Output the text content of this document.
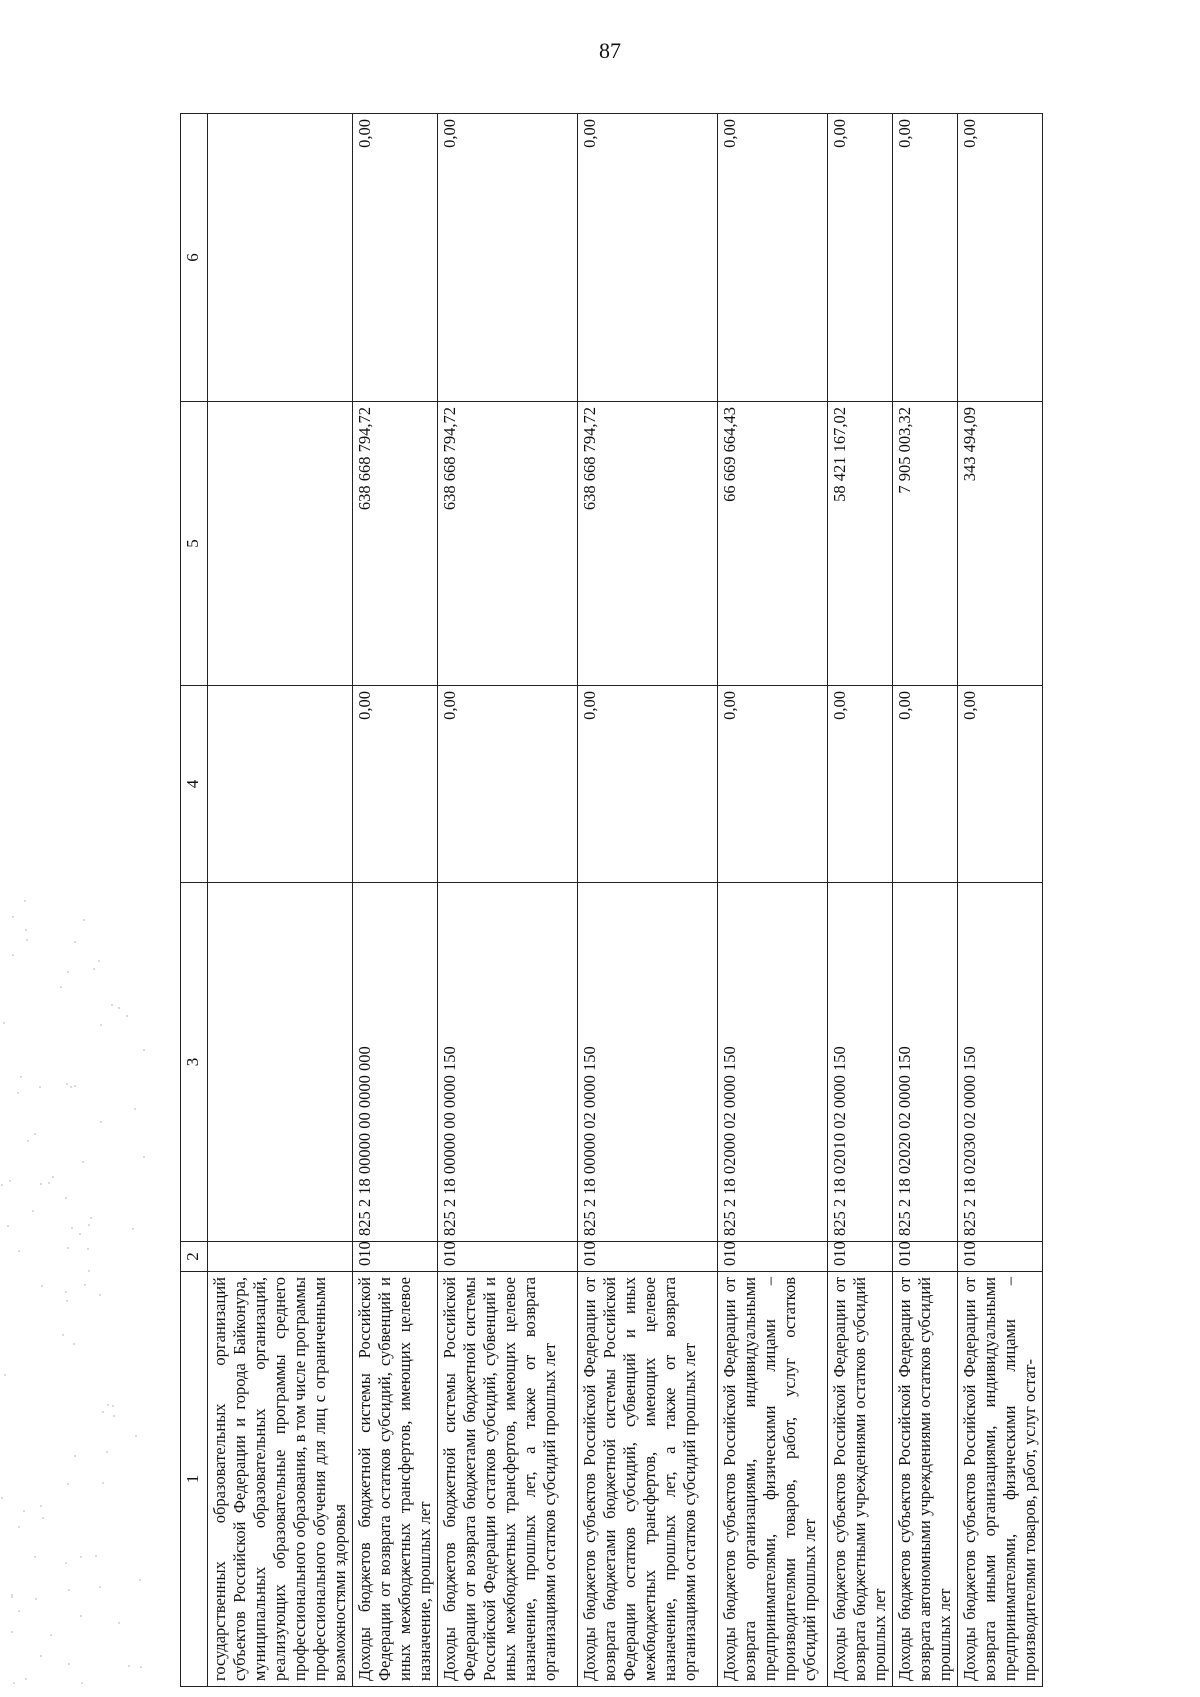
87
1	2	3	4	5	6
государственных образовательных организаций субъектов Российской Федерации и города Байконура, муниципальных образовательных организаций, реализующих образовательные программы среднего профессионального образования, в том числе программы профессионального обучения для лиц с ограниченными возможностями здоровья					
Доходы бюджетов бюджетной системы Российской Федерации от возврата остатков субсидий, субвенций и иных межбюджетных трансфертов, имеющих целевое назначение, прошлых лет	010	825 2 18 00000 00 0000 000	0,00	638 668 794,72	0,00
Доходы бюджетов бюджетной системы Российской Федерации от возврата бюджетами бюджетной системы Российской Федерации остатков субсидий, субвенций и иных межбюджетных трансфертов, имеющих целевое назначение, прошлых лет, а также от возврата организациями остатков субсидий прошлых лет	010	825 2 18 00000 00 0000 150	0,00	638 668 794,72	0,00
Доходы бюджетов субъектов Российской Федерации от возврата бюджетами бюджетной системы Российской Федерации остатков субсидий, субвенций и иных межбюджетных трансфертов, имеющих целевое назначение, прошлых лет, а также от возврата организациями остатков субсидий прошлых лет	010	825 2 18 00000 02 0000 150	0,00	638 668 794,72	0,00
Доходы бюджетов субъектов Российской Федерации от возврата организациями, индивидуальными предпринимателями, физическими лицами – производителями товаров, работ, услуг остатков субсидий прошлых лет	010	825 2 18 02000 02 0000 150	0,00	66 669 664,43	0,00
Доходы бюджетов субъектов Российской Федерации от возврата бюджетными учреждениями остатков субсидий прошлых лет	010	825 2 18 02010 02 0000 150	0,00	58 421 167,02	0,00
Доходы бюджетов субъектов Российской Федерации от возврата автономными учреждениями остатков субсидий прошлых лет	010	825 2 18 02020 02 0000 150	0,00	7 905 003,32	0,00
Доходы бюджетов субъектов Российской Федерации от возврата иными организациями, индивидуальными предпринимателями, физическими лицами – производителями товаров, работ, услуг остат-	010	825 2 18 02030 02 0000 150	0,00	343 494,09	0,00
